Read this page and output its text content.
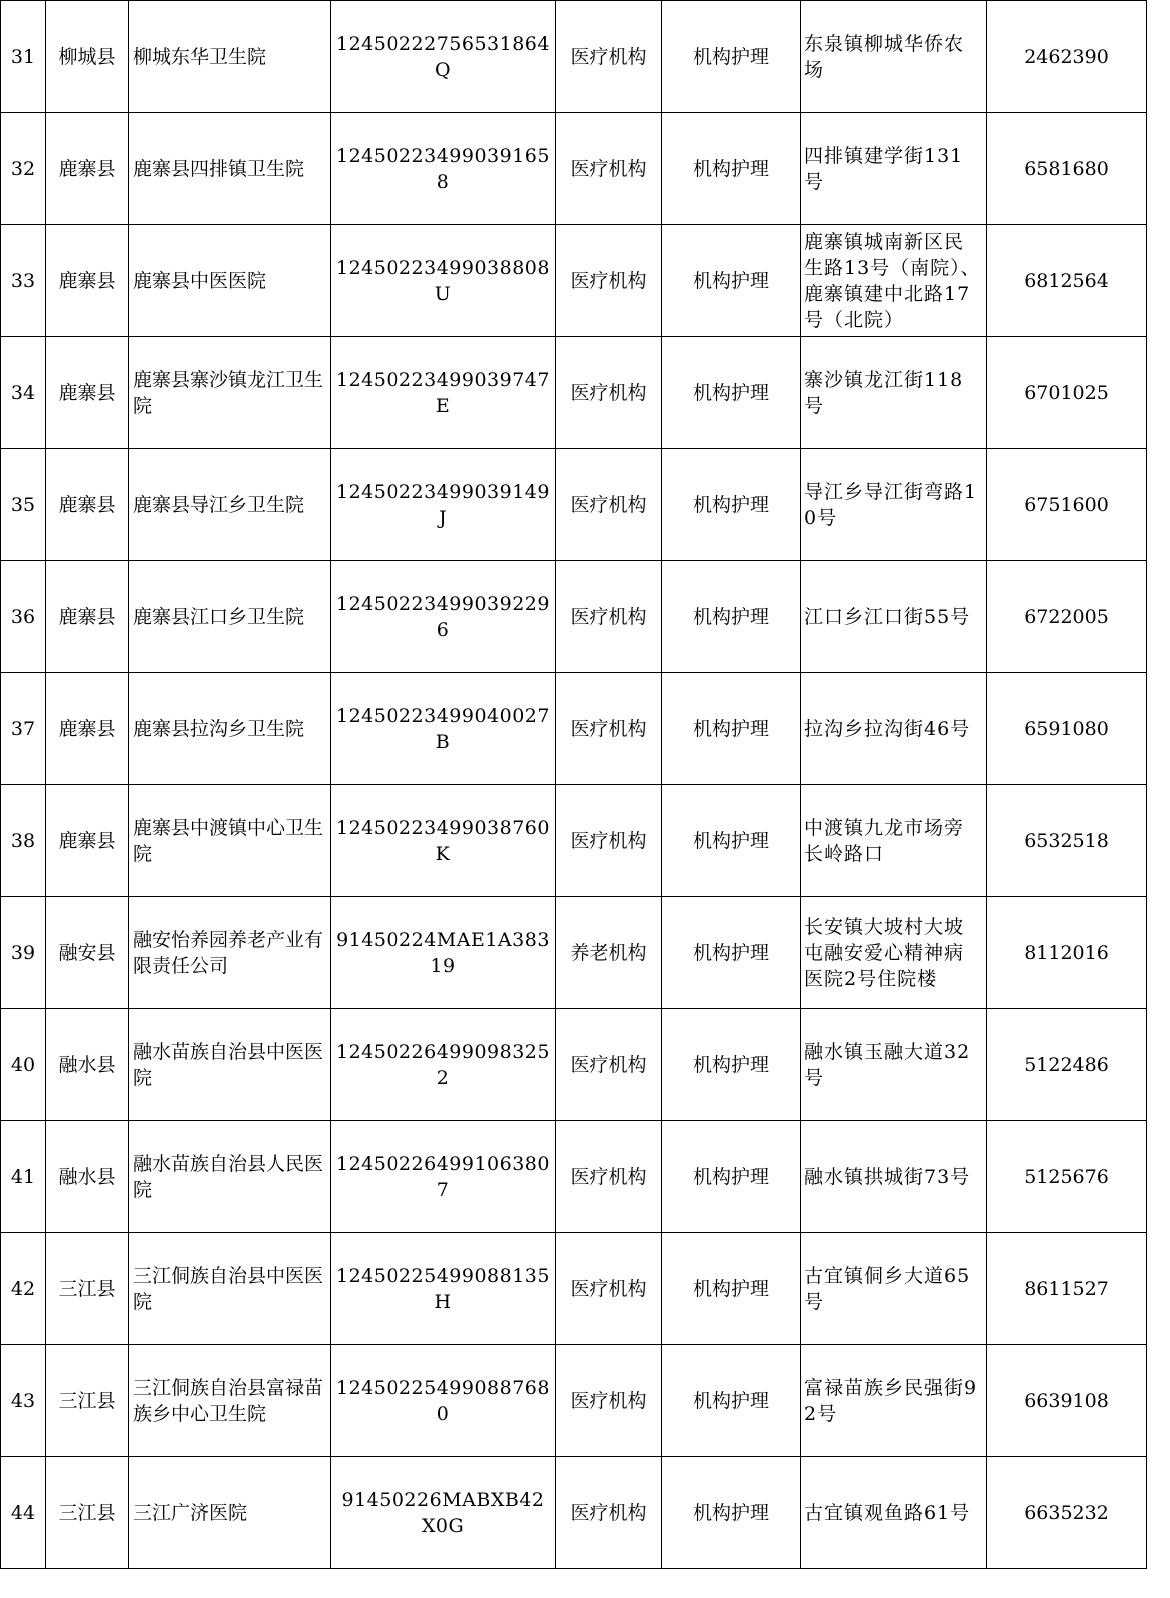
31	柳城县	柳城东华卫生院	12450222756531864Q	医疗机构	机构护理	东泉镇柳城华侨农场	2462390
32	鹿寨县	鹿寨县四排镇卫生院	124502234990391658	医疗机构	机构护理	四排镇建学街131号	6581680
33	鹿寨县	鹿寨县中医医院	12450223499038808U	医疗机构	机构护理	鹿寨镇城南新区民生路13号（南院）、鹿寨镇建中北路17号（北院）	6812564
34	鹿寨县	鹿寨县寨沙镇龙江卫生院	12450223499039747E	医疗机构	机构护理	寨沙镇龙江街118号	6701025
35	鹿寨县	鹿寨县导江乡卫生院	12450223499039149J	医疗机构	机构护理	导江乡导江街弯路10号	6751600
36	鹿寨县	鹿寨县江口乡卫生院	124502234990392296	医疗机构	机构护理	江口乡江口街55号	6722005
37	鹿寨县	鹿寨县拉沟乡卫生院	12450223499040027B	医疗机构	机构护理	拉沟乡拉沟街46号	6591080
38	鹿寨县	鹿寨县中渡镇中心卫生院	12450223499038760K	医疗机构	机构护理	中渡镇九龙市场旁长岭路口	6532518
39	融安县	融安怡养园养老产业有限责任公司	91450224MAE1A38319	养老机构	机构护理	长安镇大坡村大坡屯融安爱心精神病医院2号住院楼	8112016
40	融水县	融水苗族自治县中医医院	124502264990983252	医疗机构	机构护理	融水镇玉融大道32号	5122486
41	融水县	融水苗族自治县人民医院	124502264991063807	医疗机构	机构护理	融水镇拱城街73号	5125676
42	三江县	三江侗族自治县中医医院	12450225499088135H	医疗机构	机构护理	古宜镇侗乡大道65号	8611527
43	三江县	三江侗族自治县富禄苗族乡中心卫生院	124502254990887680	医疗机构	机构护理	富禄苗族乡民强街92号	6639108
44	三江县	三江广济医院	91450226MABXB42X0G	医疗机构	机构护理	古宜镇观鱼路61号	6635232
